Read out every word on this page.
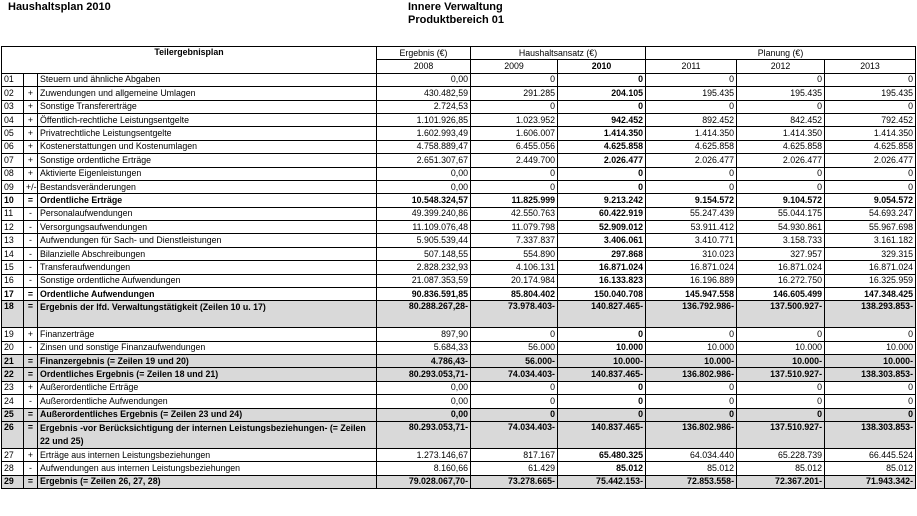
Haushaltsplan 2010	Innere Verwaltung
Produktbereich 01
Teilergebnisplan			Ergebnis (€)	Haushaltsansatz (€)		Planung (€)		
			2008	2009	2010	2011	2012	2013
01		Steuern und ähnliche Abgaben	0,00	0	0	0	0	0
02	+	Zuwendungen und allgemeine Umlagen	430.482,59	291.285	204.105	195.435	195.435	195.435
03	+	Sonstige Transfererträge	2.724,53	0	0	0	0	0
04	+	Öffentlich-rechtliche Leistungsentgelte	1.101.926,85	1.023.952	942.452	892.452	842.452	792.452
05	+	Privatrechtliche Leistungsentgelte	1.602.993,49	1.606.007	1.414.350	1.414.350	1.414.350	1.414.350
06	+	Kostenerstattungen und Kostenumlagen	4.758.889,47	6.455.056	4.625.858	4.625.858	4.625.858	4.625.858
07	+	Sonstige ordentliche Erträge	2.651.307,67	2.449.700	2.026.477	2.026.477	2.026.477	2.026.477
08	+	Aktivierte Eigenleistungen	0,00	0	0	0	0	0
09	+/-	Bestandsveränderungen	0,00	0	0	0	0	0
10	=	Ordentliche Erträge	10.548.324,57	11.825.999	9.213.242	9.154.572	9.104.572	9.054.572
11	-	Personalaufwendungen	49.399.240,86	42.550.763	60.422.919	55.247.439	55.044.175	54.693.247
12	-	Versorgungsaufwendungen	11.109.076,48	11.079.798	52.909.012	53.911.412	54.930.861	55.967.698
13	-	Aufwendungen für Sach- und Dienstleistungen	5.905.539,44	7.337.837	3.406.061	3.410.771	3.158.733	3.161.182
14	-	Bilanzielle Abschreibungen	507.148,55	554.890	297.868	310.023	327.957	329.315
15	-	Transferaufwendungen	2.828.232,93	4.106.131	16.871.024	16.871.024	16.871.024	16.871.024
16	-	Sonstige ordentliche Aufwendungen	21.087.353,59	20.174.984	16.133.823	16.196.889	16.272.750	16.325.959
17	=	Ordentliche Aufwendungen	90.836.591,85	85.804.402	150.040.708	145.947.558	146.605.499	147.348.425
18	=	Ergebnis der lfd. Verwaltungstätigkeit (Zeilen 10 u. 17)	80.288.267,28-	73.978.403-	140.827.465-	136.792.986-	137.500.927-	138.293.853-
19	+	Finanzerträge	897,90	0	0	0	0	0
20	-	Zinsen und sonstige Finanzaufwendungen	5.684,33	56.000	10.000	10.000	10.000	10.000
21	=	Finanzergebnis (= Zeilen 19 und 20)	4.786,43-	56.000-	10.000-	10.000-	10.000-	10.000-
22	=	Ordentliches Ergebnis (= Zeilen 18 und 21)	80.293.053,71-	74.034.403-	140.837.465-	136.802.986-	137.510.927-	138.303.853-
23	+	Außerordentliche Erträge	0,00	0	0	0	0	0
24	-	Außerordentliche Aufwendungen	0,00	0	0	0	0	0
25	=	Außerordentliches Ergebnis (= Zeilen 23 und 24)	0,00	0	0	0	0	0
26	=	Ergebnis -vor Berücksichtigung der internen Leistungsbeziehungen- (= Zeilen 22 und 25)	80.293.053,71-	74.034.403-	140.837.465-	136.802.986-	137.510.927-	138.303.853-
27	+	Erträge aus internen Leistungsbeziehungen	1.273.146,67	817.167	65.480.325	64.034.440	65.228.739	66.445.524
28	-	Aufwendungen aus internen Leistungsbeziehungen	8.160,66	61.429	85.012	85.012	85.012	85.012
29	=	Ergebnis (= Zeilen 26, 27, 28)	79.028.067,70-	73.278.665-	75.442.153-	72.853.558-	72.367.201-	71.943.342-
